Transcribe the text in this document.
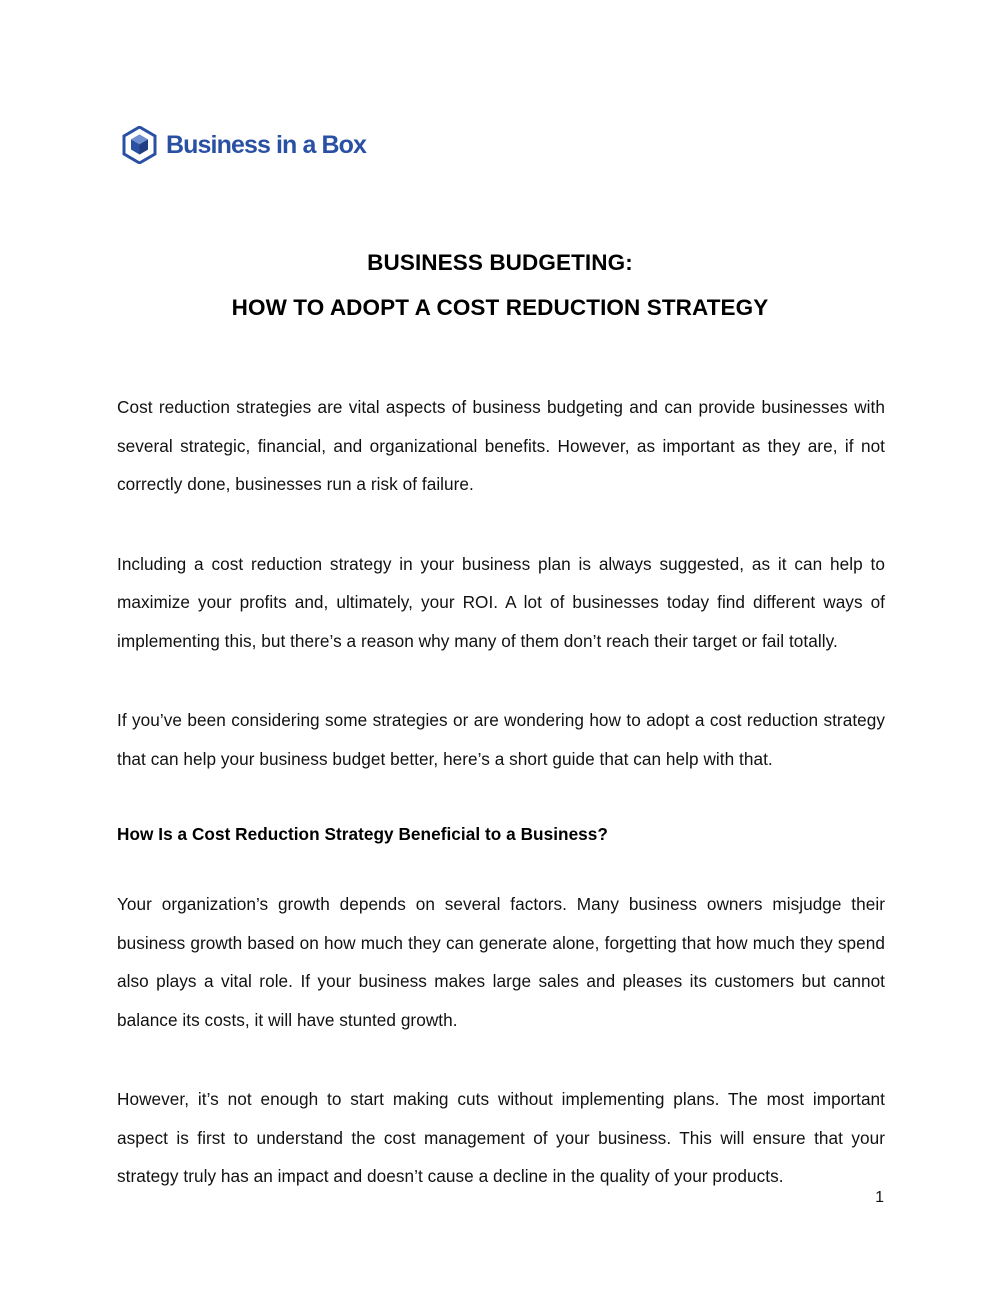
Business in a Box
BUSINESS BUDGETING:
HOW TO ADOPT A COST REDUCTION STRATEGY

Cost reduction strategies are vital aspects of business budgeting and can provide businesses with several strategic, financial, and organizational benefits. However, as important as they are, if not correctly done, businesses run a risk of failure.

Including a cost reduction strategy in your business plan is always suggested, as it can help to maximize your profits and, ultimately, your ROI. A lot of businesses today find different ways of implementing this, but there’s a reason why many of them don’t reach their target or fail totally.

If you’ve been considering some strategies or are wondering how to adopt a cost reduction strategy that can help your business budget better, here’s a short guide that can help with that.

How Is a Cost Reduction Strategy Beneficial to a Business?

Your organization’s growth depends on several factors. Many business owners misjudge their business growth based on how much they can generate alone, forgetting that how much they spend also plays a vital role. If your business makes large sales and pleases its customers but cannot balance its costs, it will have stunted growth.

However, it’s not enough to start making cuts without implementing plans. The most important aspect is first to understand the cost management of your business. This will ensure that your strategy truly has an impact and doesn’t cause a decline in the quality of your products.

1
